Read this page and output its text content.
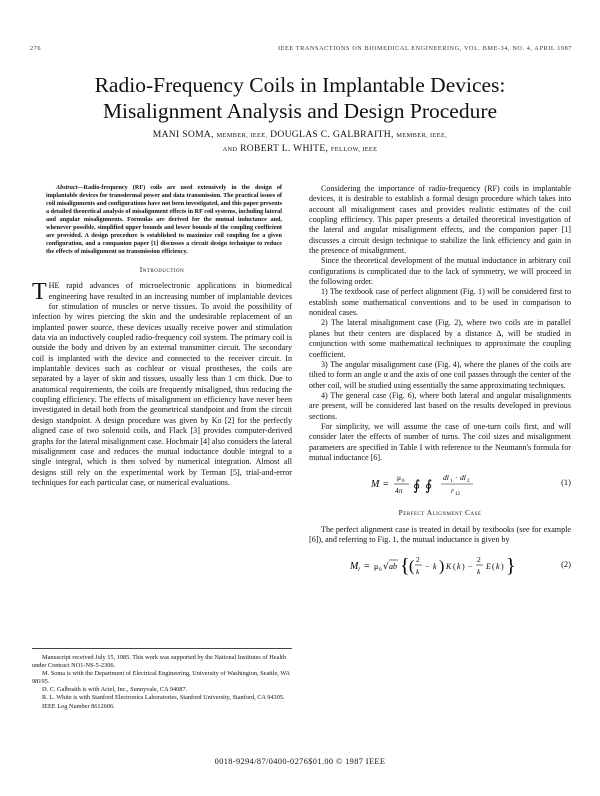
276	IEEE TRANSACTIONS ON BIOMEDICAL ENGINEERING, VOL. BME-34, NO. 4, APRIL 1987
Radio-Frequency Coils in Implantable Devices:
Misalignment Analysis and Design Procedure
MANI SOMA, MEMBER, IEEE, DOUGLAS C. GALBRAITH, MEMBER, IEEE,
AND ROBERT L. WHITE, FELLOW, IEEE

Abstract—Radio-frequency (RF) coils are used extensively in the design of implantable devices for transdermal power and data transmission. The practical issues of coil misalignments and configurations have not been investigated, and this paper presents a detailed theoretical analysis of misalignment effects in RF coil systems, including lateral and angular misalignments. Formulas are derived for the mutual inductance and, whenever possible, simplified upper bounds and lower bounds of the coupling coefficient are provided. A design procedure is established to maximize coil coupling for a given configuration, and a companion paper [1] discusses a circuit design technique to reduce the effects of misalignment on transmission efficiency.

Introduction

THE rapid advances of microelectronic applications in biomedical engineering have resulted in an increasing number of implantable devices for stimulation of muscles or nerve tissues. To avoid the possibility of infection by wires piercing the skin and the undesirable replacement of an implanted power source, these devices usually receive power and stimulation data via an inductively coupled radio-frequency coil system. The primary coil is outside the body and driven by an external transmitter circuit. The secondary coil is implanted with the device and connected to the receiver circuit. In implantable devices such as cochlear or visual prostheses, the coils are separated by a layer of skin and tissues, usually less than 1 cm thick. Due to anatomical requirements, the coils are frequently misaligned, thus reducing the coupling efficiency. The effects of misalignment on efficiency have never been investigated in detail both from the geometrical standpoint and from the circuit design standpoint. A design procedure was given by Ko [2] for the perfectly aligned case of two solenoid coils, and Flack [3] provides computer-derived graphs for the lateral misalignment case. Hochmair [4] also considers the lateral misalignment case and reduces the mutual inductance double integral to a single integral, which is then solved by numerical integration. Almost all designs still rely on the experimental work by Terman [5], trial-and-error techniques for each particular case, or numerical evaluations.

Manuscript received July 15, 1985. This work was supported by the National Institutes of Health under Contract NO1-NS-5-2306.

M. Soma is with the Department of Electrical Engineering, University of Washington, Seattle, WA 98195.

D. C. Galbraith is with Actel, Inc., Sunnyvale, CA 94087.

R. L. White is with Stanford Electronics Laboratories, Stanford University, Stanford, CA 94305.

IEEE Log Number 8612606.

Considering the importance of radio-frequency (RF) coils in implantable devices, it is desirable to establish a formal design procedure which takes into account all misalignment cases and provides realistic estimates of the coil coupling efficiency. This paper presents a detailed theoretical investigation of the lateral and angular misalignment effects, and the companion paper [1] discusses a circuit design technique to stabilize the link efficiency and gain in the presence of misalignment.

Since the theoretical development of the mutual inductance in arbitrary coil configurations is complicated due to the lack of symmetry, we will proceed in the following order.

1) The textbook case of perfect alignment (Fig. 1) will be considered first to establish some mathematical conventions and to be used in comparison to nonideal cases.

2) The lateral misalignment case (Fig. 2), where two coils are in parallel planes but their centers are displaced by a distance Δ, will be studied in conjunction with some mathematical techniques to approximate the coupling coefficient.

3) The angular misalignment case (Fig. 4), where the planes of the coils are tilted to form an angle α and the axis of one coil passes through the center of the other coil, will be studied using essentially the same approximating techniques.

4) The general case (Fig. 6), where both lateral and angular misalignments are present, will be considered last based on the results developed in previous sections.

For simplicity, we will assume the case of one-turn coils first, and will consider later the effects of number of turns. The coil sizes and misalignment parameters are specified in Table I with reference to the Neumann's formula for mutual inductance [6].

M =
μ 0
4π ∮ ∮
dl 1 · dl 2
r 12
(1)
Perfect Alignment Case

The perfect alignment case is treated in detail by textbooks (see for example [6]), and referring to Fig. 1, the mutual inductance is given by

M I = μ 0 √ ab { ( 2
k
− k ) K ( k ) −
2
k
E ( k ) }	(2)
0018-9294/87/0400-0276$01.00 © 1987 IEEE
